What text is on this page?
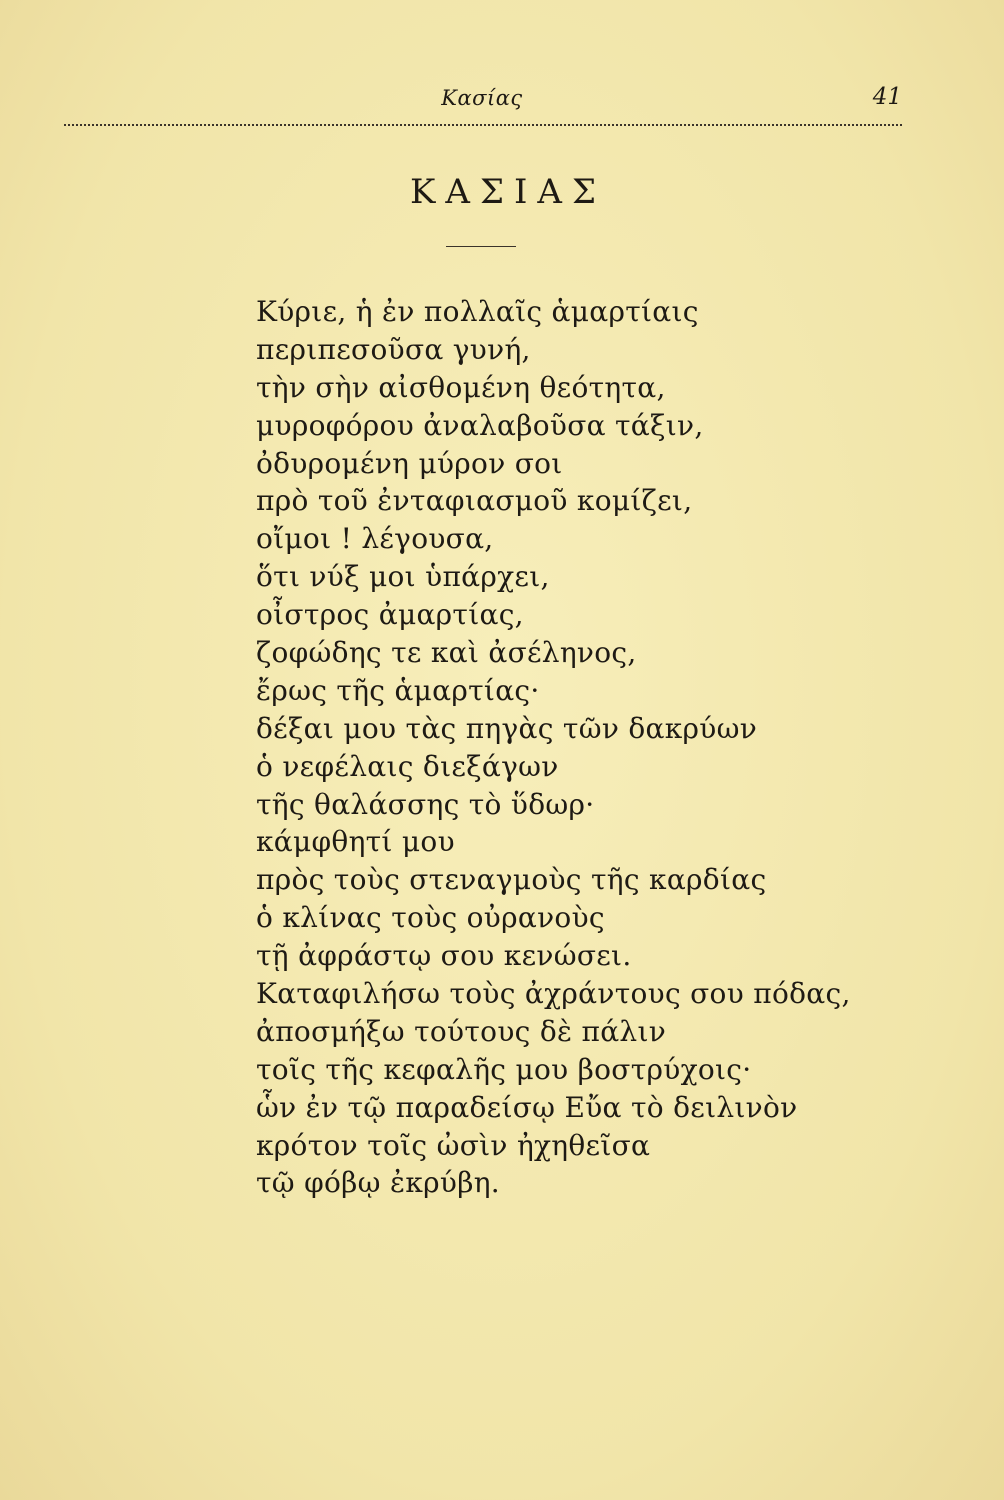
Κασίας	41
ΚΑΣΙΑΣ
Κύριε, ἡ ἐν πολλαῖς ἁμαρτίαις
περιπεσοῦσα γυνή,
τὴν σὴν αἰσθομένη θεότητα,
μυροφόρου ἀναλαβοῦσα τάξιν,
ὀδυρομένη μύρον σοι
πρὸ τοῦ ἐνταφιασμοῦ κομίζει,
οἴμοι ! λέγουσα,
ὅτι νύξ μοι ὑπάρχει,
οἶστρος ἀμαρτίας,
ζοφώδης τε καὶ ἀσέληνος,
ἔρως τῆς ἁμαρτίας·
δέξαι μου τὰς πηγὰς τῶν δακρύων
ὁ νεφέλαις διεξάγων
τῆς θαλάσσης τὸ ὕδωρ·
κάμφθητί μου
πρὸς τοὺς στεναγμοὺς τῆς καρδίας
ὁ κλίνας τοὺς οὐρανοὺς
τῇ ἀφράστῳ σου κενώσει.
Καταφιλήσω τοὺς ἀχράντους σου πόδας,
ἀποσμήξω τούτους δὲ πάλιν
τοῖς τῆς κεφαλῆς μου βοστρύχοις·
ὧν ἐν τῷ παραδείσῳ Εὔα τὸ δειλινὸν
κρότον τοῖς ὠσὶν ἠχηθεῖσα
τῷ φόβῳ ἐκρύβη.
